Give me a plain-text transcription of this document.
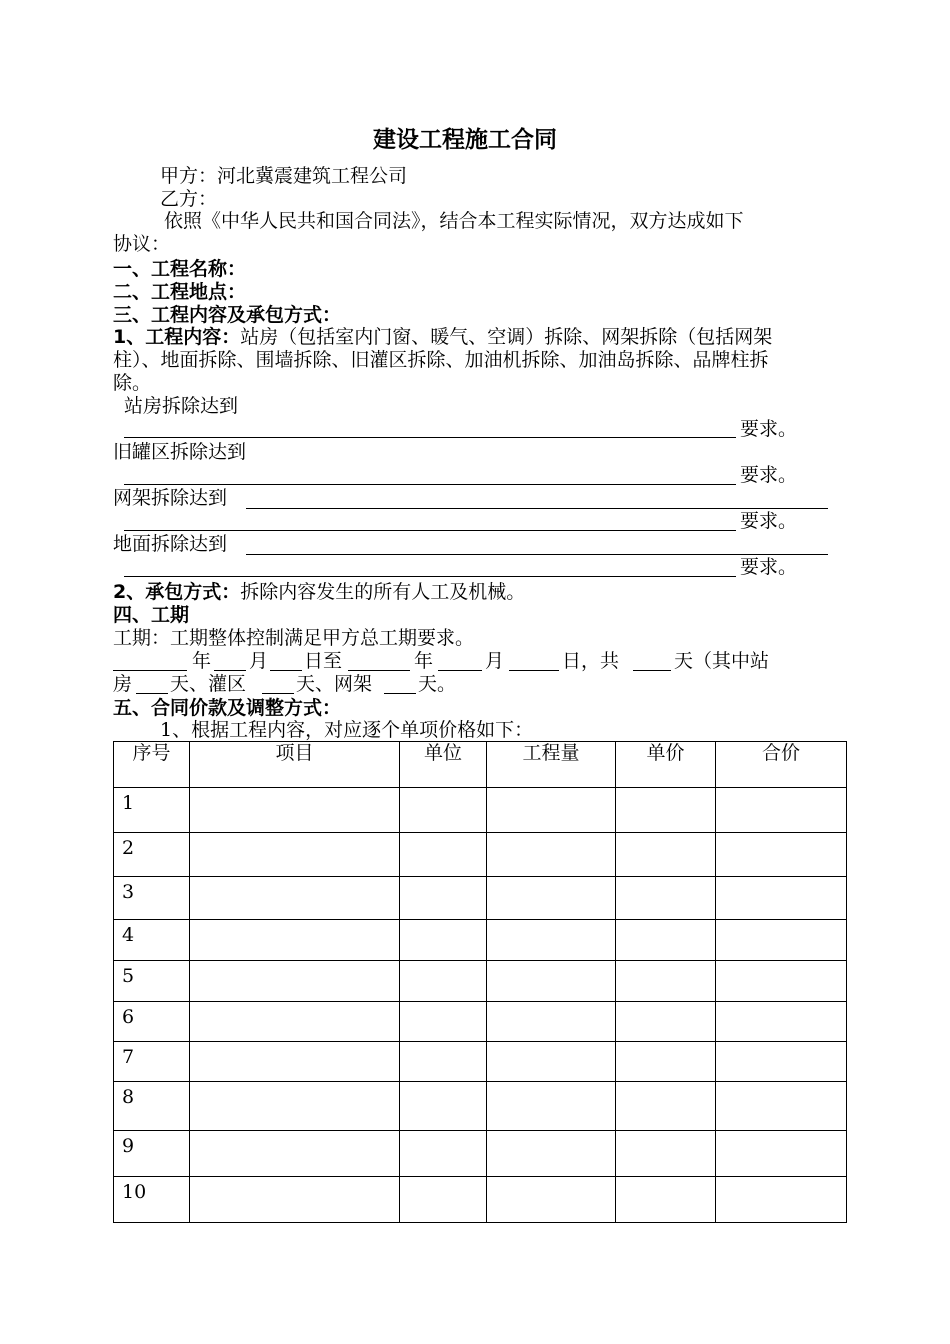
建设工程施工合同
甲方：河北冀震建筑工程公司
乙方：
依照《中华人民共和国合同法》，结合本工程实际情况，双方达成如下
协议：
一、工程名称：
二、工程地点：
三、工程内容及承包方式：
1、工程内容：站房（包括室内门窗、暖气、空调）拆除、网架拆除（包括网架
柱）、地面拆除、围墙拆除、旧灌区拆除、加油机拆除、加油岛拆除、品牌柱拆
除。
站房拆除达到
要求。
旧罐区拆除达到
要求。
网架拆除达到
要求。
地面拆除达到
要求。
2、承包方式：拆除内容发生的所有人工及机械。
四、工期
工期：工期整体控制满足甲方总工期要求。
年 月 日至	年	月	日，共	天（其中站
房 天、灌区	天、网架 天。
五、合同价款及调整方式：
1、根据工程内容，对应逐个单项价格如下：
序号	项目	单位	工程量	单价	合价
1					
2					
3					
4					
5					
6					
7					
8					
9					
10					
